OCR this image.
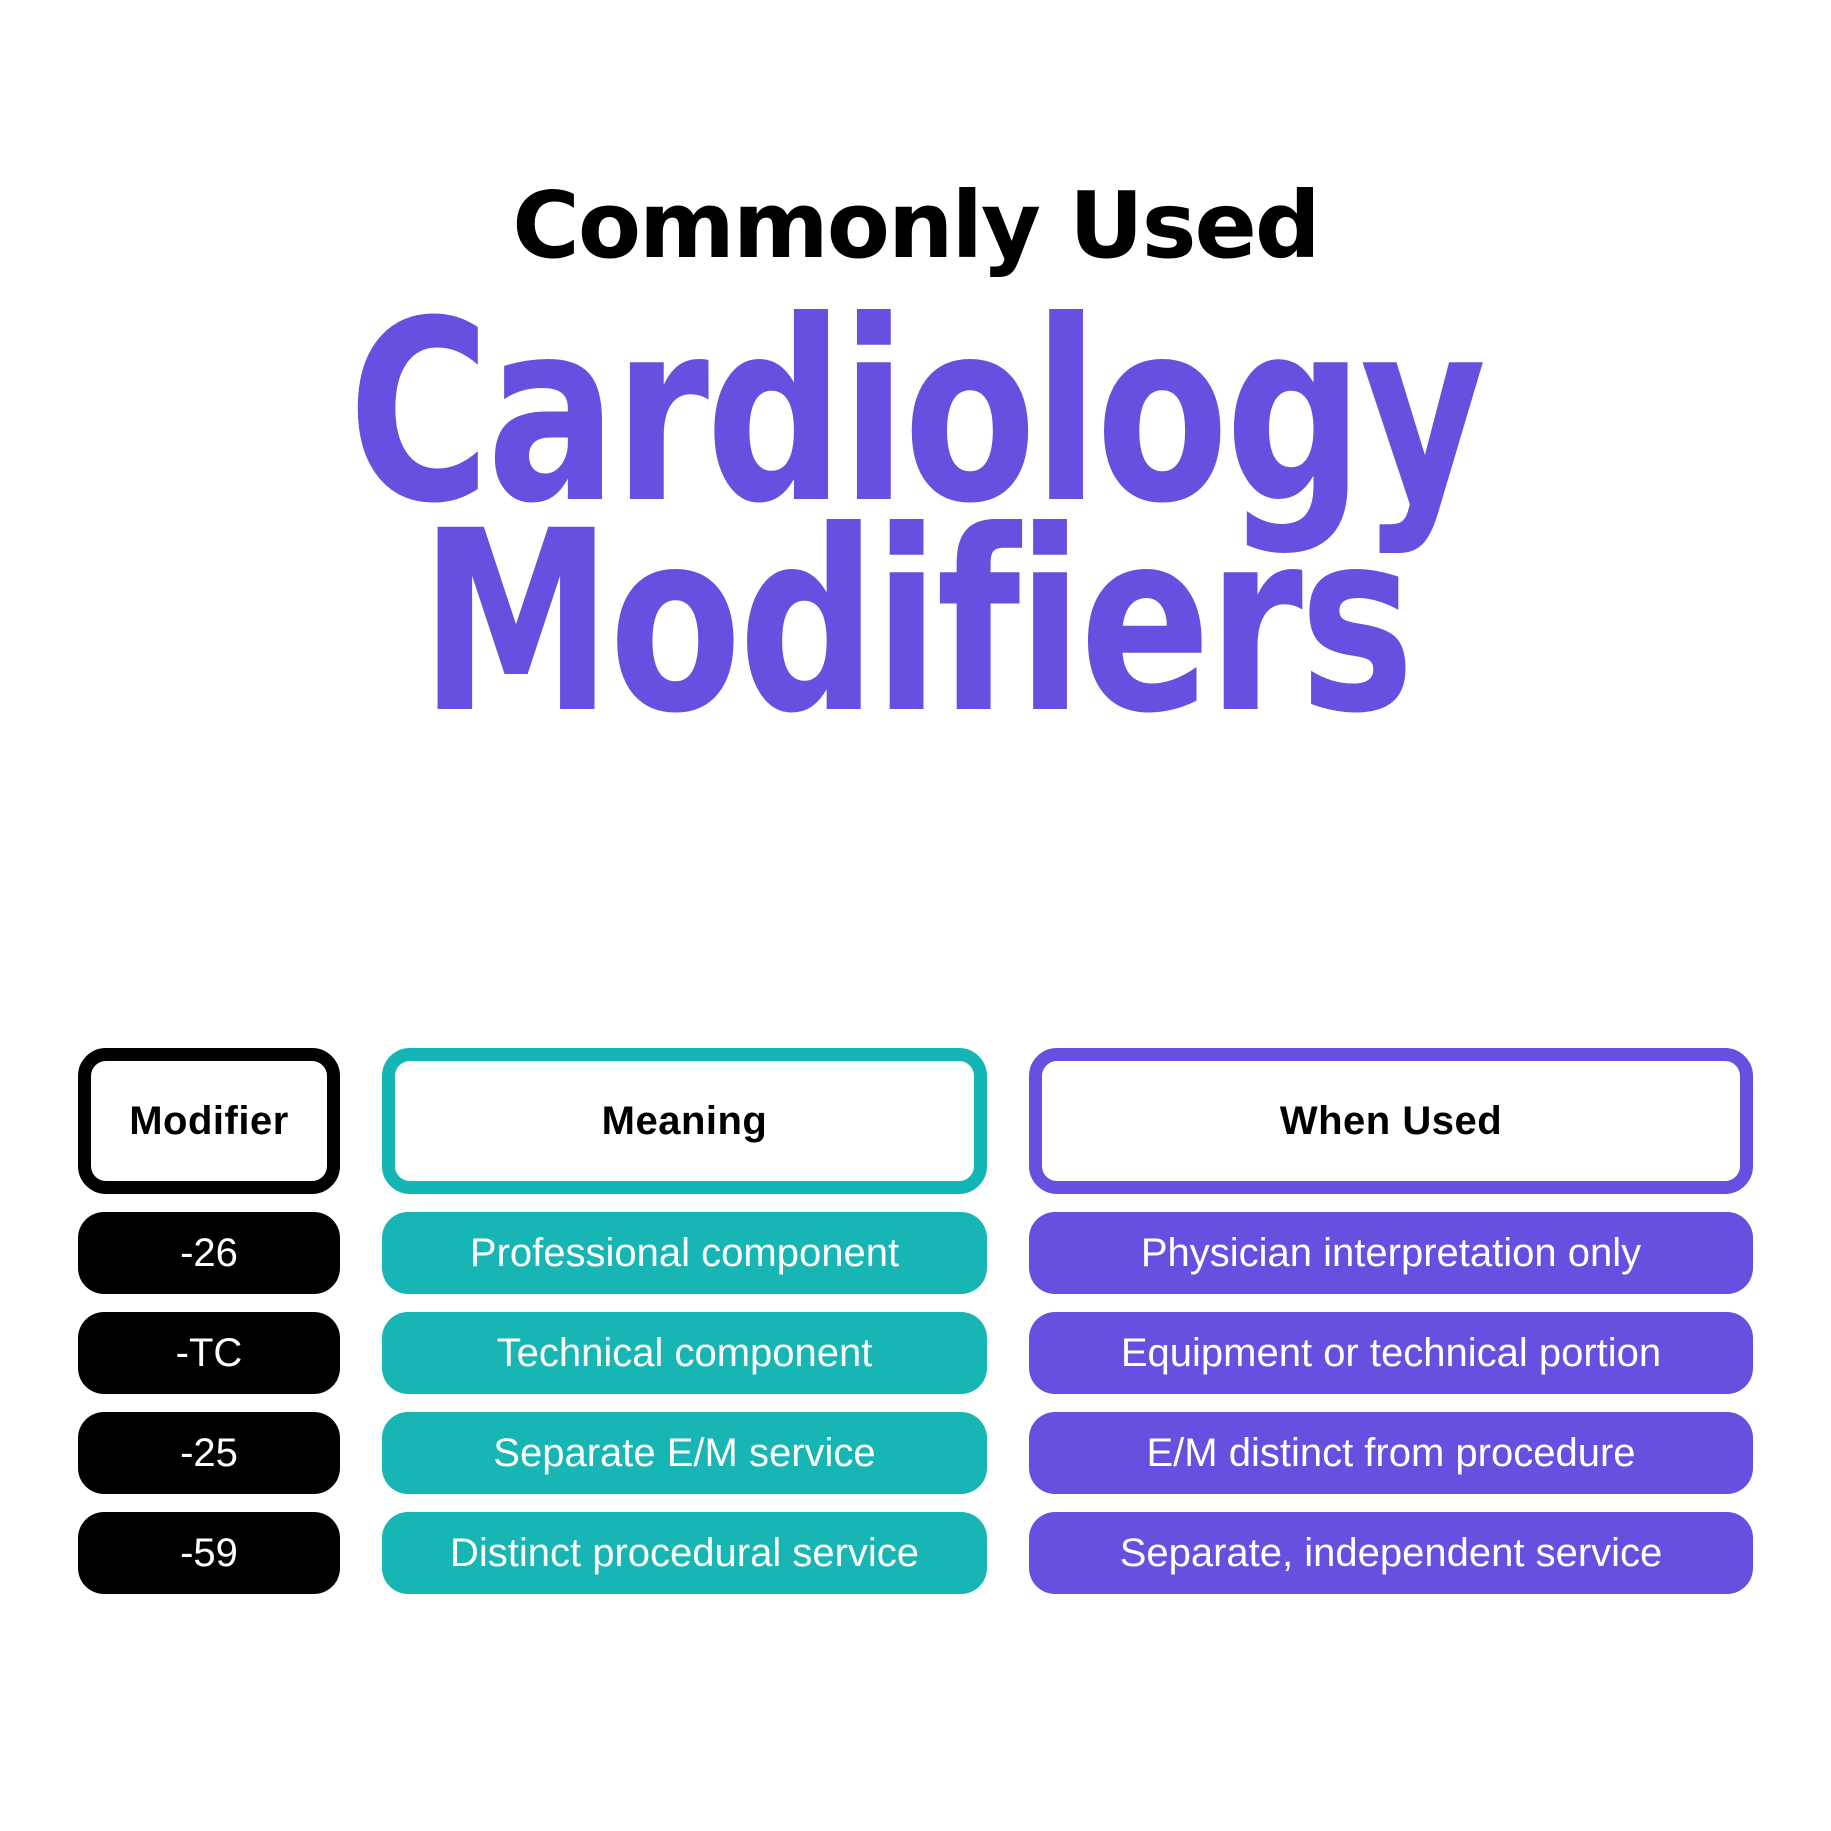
Commonly Used
Cardiology
Modifiers
Modifier	Meaning	When Used
-26	Professional component	Physician interpretation only
-TC	Technical component	Equipment or technical portion
-25	Separate E/M service	E/M distinct from procedure
-59	Distinct procedural service	Separate, independent service
